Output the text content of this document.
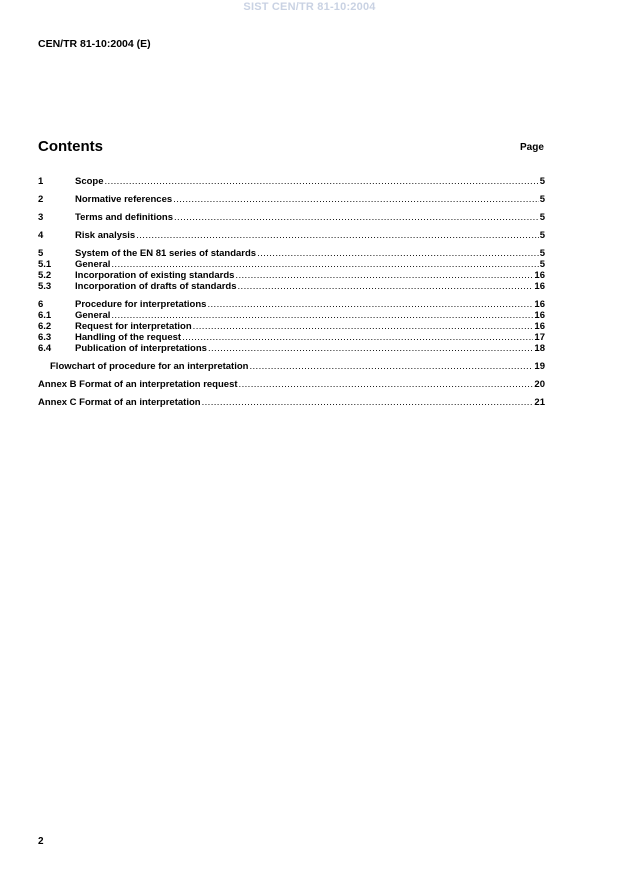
SIST CEN/TR 81-10:2004
CEN/TR 81-10:2004 (E)
Contents	Page
1	Scope .....	5
2	Normative references .....	5
3	Terms and definitions .....	5
4	Risk analysis .....	5
5	System of the EN 81 series of standards .....	5
5.1	General .....	5
5.2	Incorporation of existing standards .....	16
5.3	Incorporation of drafts of standards .....	16
6	Procedure for interpretations .....	16
6.1	General .....	16
6.2	Request for interpretation .....	16
6.3	Handling of the request .....	17
6.4	Publication of interpretations .....	18
Flowchart of procedure for an interpretation .....	19
Annex B Format of an interpretation request .....	20
Annex C Format of an interpretation .....	21
2
